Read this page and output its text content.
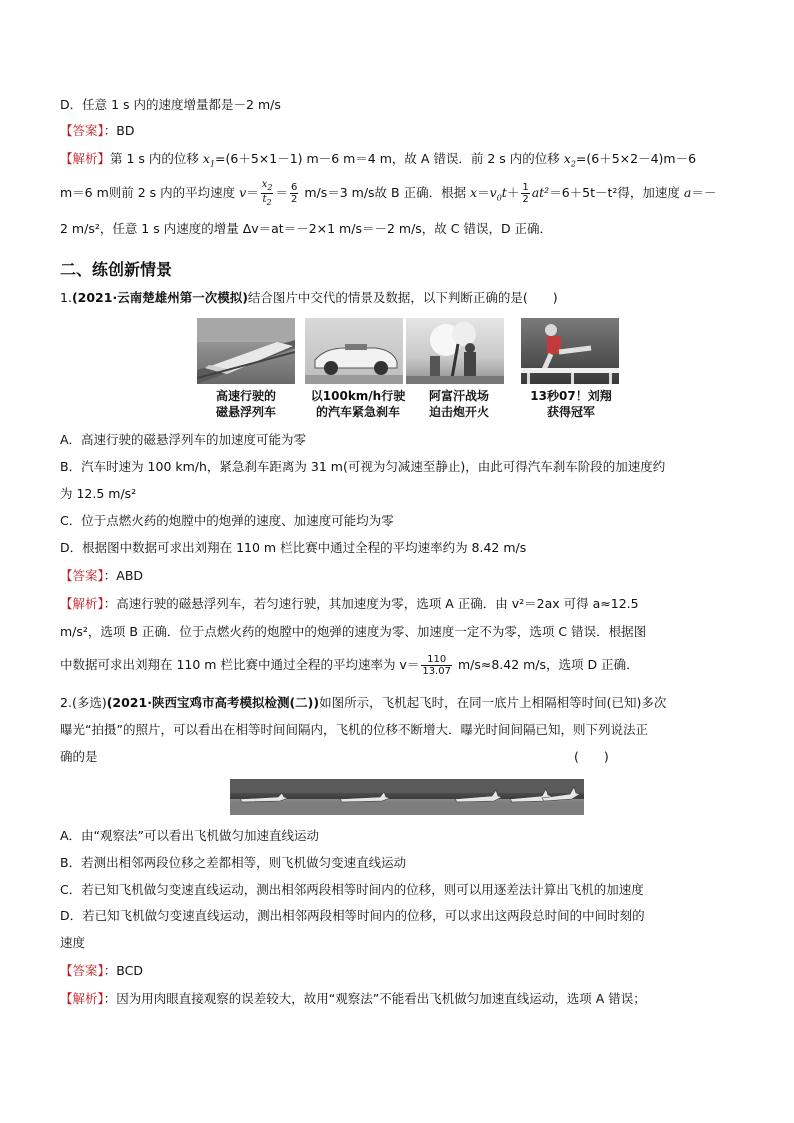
D．任意 1 s 内的速度增量都是－2 m/s
【答案】：BD
【解析】第 1 s 内的位移 $x_1=(6+5\times 1-1)$ m－6 m＝4 m，故 A 错误．前 2 s 内的位移 $x_2=(6+5\times 2-4)m-6$
m＝6 m则前 2 s 内的平均速度 $v= \frac{x_2}{t_2} = \frac{6}{2} m/s=3$ m/s故 B 正确．根据 $x=v_0t+ \frac{1}{2} at^2=6+5t-t^2$得，加速度 a＝－
2 m/s²，任意 1 s 内速度的增量 Δv＝at＝－2×1 m/s＝－2 m/s，故 C 错误，D 正确．
二、练创新情景
1.(2021·云南楚雄州第一次模拟)结合图片中交代的情景及数据，以下判断正确的是(　　)
高速行驶的
磁悬浮列车
以100km/h行驶
的汽车紧急刹车
阿富汗战场
迫击炮开火
13秒07！刘翔
获得冠军
A．高速行驶的磁悬浮列车的加速度可能为零
B．汽车时速为 100 km/h，紧急刹车距离为 31 m(可视为匀减速至静止)，由此可得汽车刹车阶段的加速度约
为 12.5 m/s²
C．位于点燃火药的炮膛中的炮弹的速度、加速度可能均为零
D．根据图中数据可求出刘翔在 110 m 栏比赛中通过全程的平均速率约为 8.42 m/s
【答案】：ABD
【解析】：高速行驶的磁悬浮列车，若匀速行驶，其加速度为零，选项 A 正确．由 v²＝2ax 可得 a≈12.5
m/s²，选项 B 正确．位于点燃火药的炮膛中的炮弹的速度为零、加速度一定不为零，选项 C 错误．根据图
中数据可求出刘翔在 110 m 栏比赛中通过全程的平均速率为 $v= \frac{110}{13.07} m/s\approx 8.42$ m/s，选项 D 正确．
2.(多选)(2021·陕西宝鸡市高考模拟检测(二))如图所示，飞机起飞时，在同一底片上相隔相等时间(已知)多次
曝光“拍摄”的照片，可以看出在相等时间间隔内，飞机的位移不断增大．曝光时间间隔已知，则下列说法正
确的是	(　　)
A．由“观察法”可以看出飞机做匀加速直线运动
B．若测出相邻两段位移之差都相等，则飞机做匀变速直线运动
C．若已知飞机做匀变速直线运动，测出相邻两段相等时间内的位移，则可以用逐差法计算出飞机的加速度
D．若已知飞机做匀变速直线运动，测出相邻两段相等时间内的位移，可以求出这两段总时间的中间时刻的
速度
【答案】：BCD
【解析】：因为用肉眼直接观察的误差较大，故用“观察法”不能看出飞机做匀加速直线运动，选项 A 错误；
